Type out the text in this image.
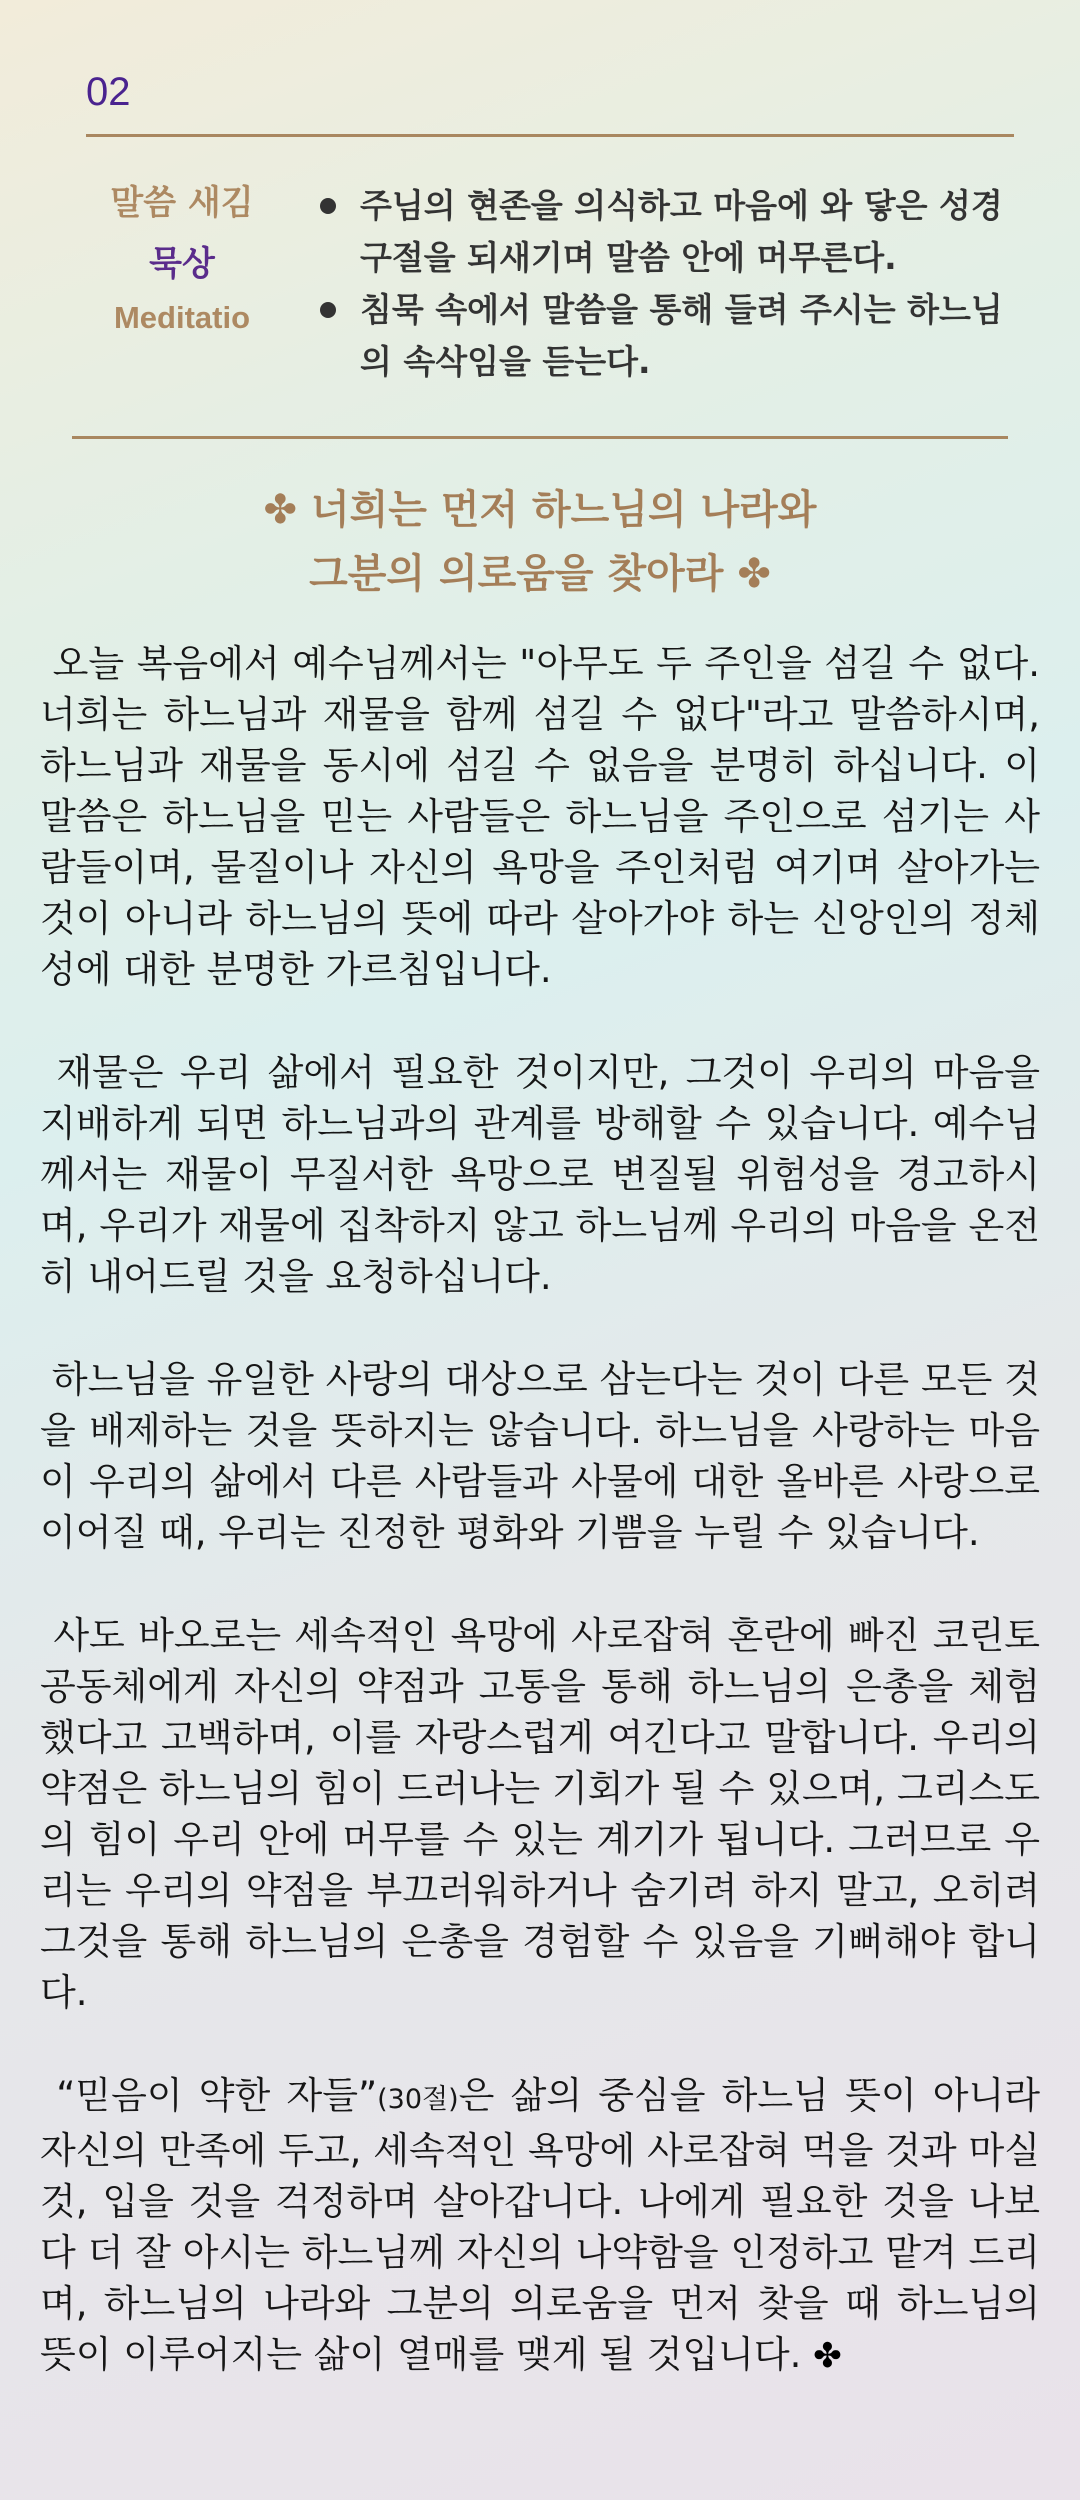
02
말씀 새김
묵상
Meditatio
주님의 현존을 의식하고 마음에 와 닿은 성경구절을 되새기며 말씀 안에 머무른다.
침묵 속에서 말씀을 통해 들려 주시는 하느님의 속삭임을 듣는다.
✤ 너희는 먼저 하느님의 나라와
그분의 의로움을 찾아라 ✤

오늘 복음에서 예수님께서는 "아무도 두 주인을 섬길 수 없다. 너희는 하느님과 재물을 함께 섬길 수 없다"라고 말씀하시며, 하느님과 재물을 동시에 섬길 수 없음을 분명히 하십니다. 이 말씀은 하느님을 믿는 사람들은 하느님을 주인으로 섬기는 사람들이며, 물질이나 자신의 욕망을 주인처럼 여기며 살아가는 것이 아니라 하느님의 뜻에 따라 살아가야 하는 신앙인의 정체성에 대한 분명한 가르침입니다.

재물은 우리 삶에서 필요한 것이지만, 그것이 우리의 마음을 지배하게 되면 하느님과의 관계를 방해할 수 있습니다. 예수님께서는 재물이 무질서한 욕망으로 변질될 위험성을 경고하시며, 우리가 재물에 집착하지 않고 하느님께 우리의 마음을 온전히 내어드릴 것을 요청하십니다.

하느님을 유일한 사랑의 대상으로 삼는다는 것이 다른 모든 것을 배제하는 것을 뜻하지는 않습니다. 하느님을 사랑하는 마음이 우리의 삶에서 다른 사람들과 사물에 대한 올바른 사랑으로 이어질 때, 우리는 진정한 평화와 기쁨을 누릴 수 있습니다.

사도 바오로는 세속적인 욕망에 사로잡혀 혼란에 빠진 코린토 공동체에게 자신의 약점과 고통을 통해 하느님의 은총을 체험했다고 고백하며, 이를 자랑스럽게 여긴다고 말합니다. 우리의 약점은 하느님의 힘이 드러나는 기회가 될 수 있으며, 그리스도의 힘이 우리 안에 머무를 수 있는 계기가 됩니다. 그러므로 우리는 우리의 약점을 부끄러워하거나 숨기려 하지 말고, 오히려 그것을 통해 하느님의 은총을 경험할 수 있음을 기뻐해야 합니다.

“믿음이 약한 자들”(30절)은 삶의 중심을 하느님 뜻이 아니라 자신의 만족에 두고, 세속적인 욕망에 사로잡혀 먹을 것과 마실 것, 입을 것을 걱정하며 살아갑니다. 나에게 필요한 것을 나보다 더 잘 아시는 하느님께 자신의 나약함을 인정하고 맡겨 드리며, 하느님의 나라와 그분의 의로움을 먼저 찾을 때 하느님의 뜻이 이루어지는 삶이 열매를 맺게 될 것입니다. ✤
